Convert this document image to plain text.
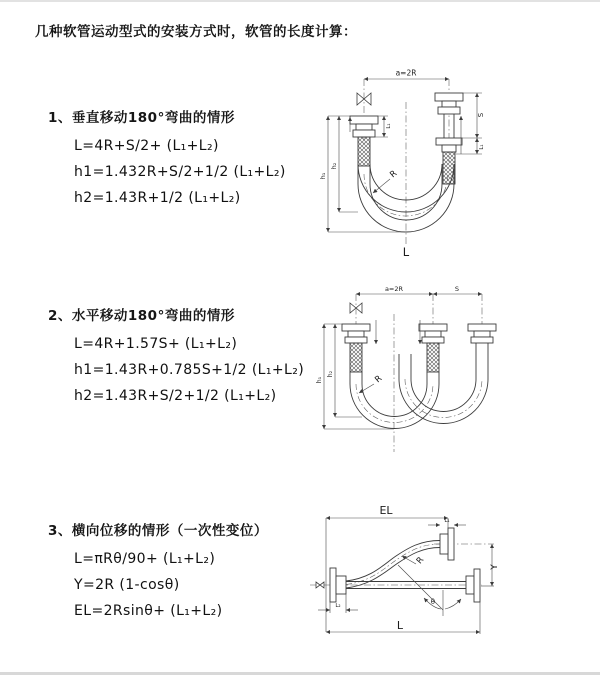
几种软管运动型式的安装方式时，软管的长度计算：
1、垂直移动180°弯曲的情形
L=4R+S/2+ (L₁+L₂)
h1=1.432R+S/2+1/2 (L₁+L₂)
h2=1.43R+1/2 (L₁+L₂)
2、水平移动180°弯曲的情形
L=4R+1.57S+ (L₁+L₂)
h1=1.43R+0.785S+1/2 (L₁+L₂)
h2=1.43R+S/2+1/2 (L₁+L₂)
3、横向位移的情形（一次性变位）
L=πRθ/90+ (L₁+L₂)
Y=2R (1-cosθ)
EL=2Rsinθ+ (L₁+L₂)
a=2R
h₁
h₂
L₁
S
L₁
R
L
a=2R	S
h₁
h₂	R
EL
L₁
θ
R
Y
L₂
L
